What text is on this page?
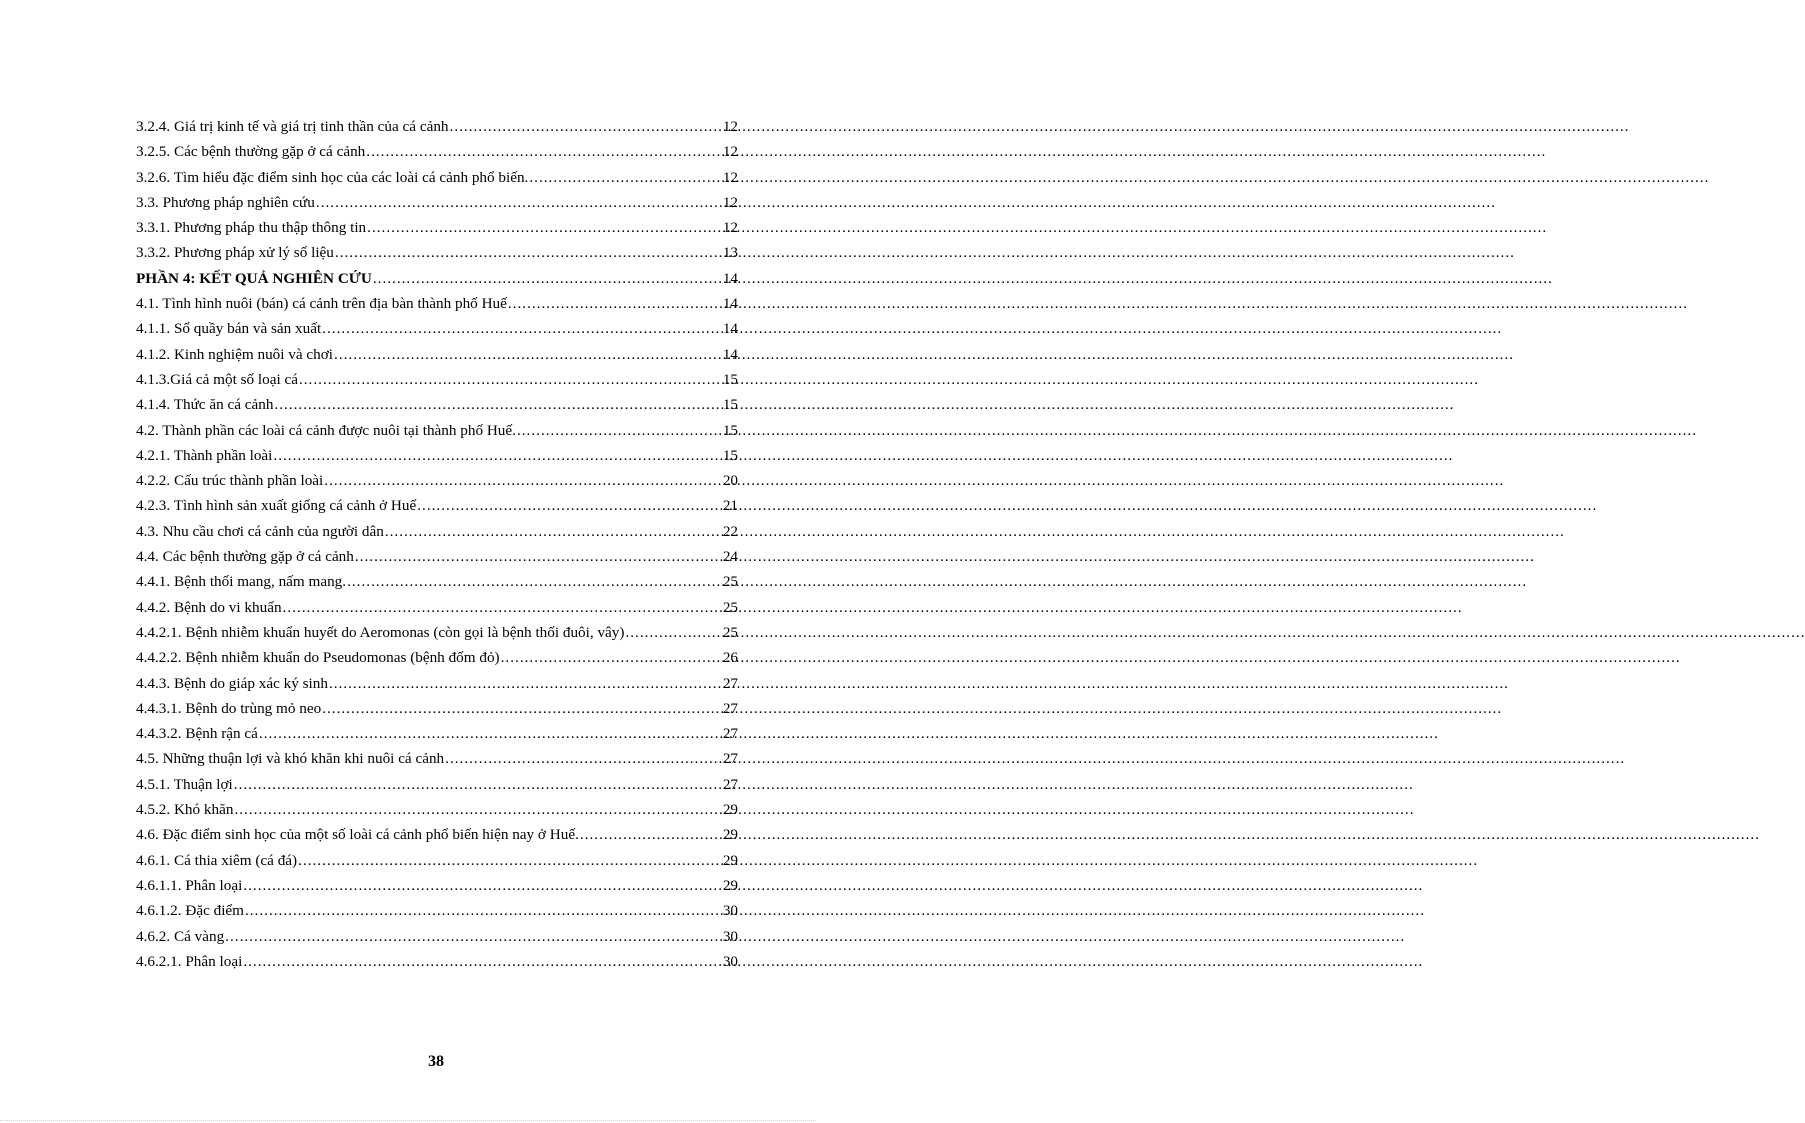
3.2.4. Giá trị kinh tế và giá trị tinh thần của cá cảnh .....	12
3.2.5. Các bệnh thường gặp ở cá cảnh .....	12
3.2.6. Tìm hiểu đặc điểm sinh học của các loài cá cảnh phổ biến. .....	12
3.3. Phương pháp nghiên cứu .....	12
3.3.1. Phương pháp thu thập thông tin .....	12
3.3.2. Phương pháp xử lý số liệu .....	13
PHẦN 4: KẾT QUẢ NGHIÊN CỨU .....	14
4.1. Tình hình nuôi (bán) cá cảnh trên địa bàn thành phố Huế .....	14
4.1.1. Số quầy bán và sản xuất .....	14
4.1.2. Kinh nghiệm nuôi và chơi .....	14
4.1.3.Giá cả một số loại cá .....	15
4.1.4. Thức ăn cá cảnh .....	15
4.2. Thành phần các loài cá cảnh được nuôi tại thành phố Huế. .....	15
4.2.1. Thành phần loài .....	15
4.2.2. Cấu trúc thành phần loài .....	20
4.2.3. Tình hình sản xuất giống cá cảnh ở Huế .....	21
4.3. Nhu cầu chơi cá cảnh của người dân .....	22
4.4. Các bệnh thường gặp ở cá cảnh .....	24
4.4.1. Bệnh thối mang, nấm mang. .....	25
4.4.2. Bệnh do vi khuẩn .....	25
4.4.2.1. Bệnh nhiễm khuẩn huyết do Aeromonas (còn gọi là bệnh thối đuôi, vây) .....	25
4.4.2.2. Bệnh nhiễm khuẩn do Pseudomonas (bệnh đốm đỏ) .....	26
4.4.3. Bệnh do giáp xác ký sinh .....	27
4.4.3.1. Bệnh do trùng mỏ neo .....	27
4.4.3.2. Bệnh rận cá .....	27
4.5. Những thuận lợi và khó khăn khi nuôi cá cảnh .....	27
4.5.1. Thuận lợi .....	27
4.5.2. Khó khăn .....	29
4.6. Đặc điểm sinh học của một số loài cá cảnh phổ biến hiện nay ở Huế. .....	29
4.6.1. Cá thia xiêm (cá đá) .....	29
4.6.1.1. Phân loại .....	29
4.6.1.2. Đặc điểm .....	30
4.6.2. Cá vàng .....	30
4.6.2.1. Phân loại .....	30
38
